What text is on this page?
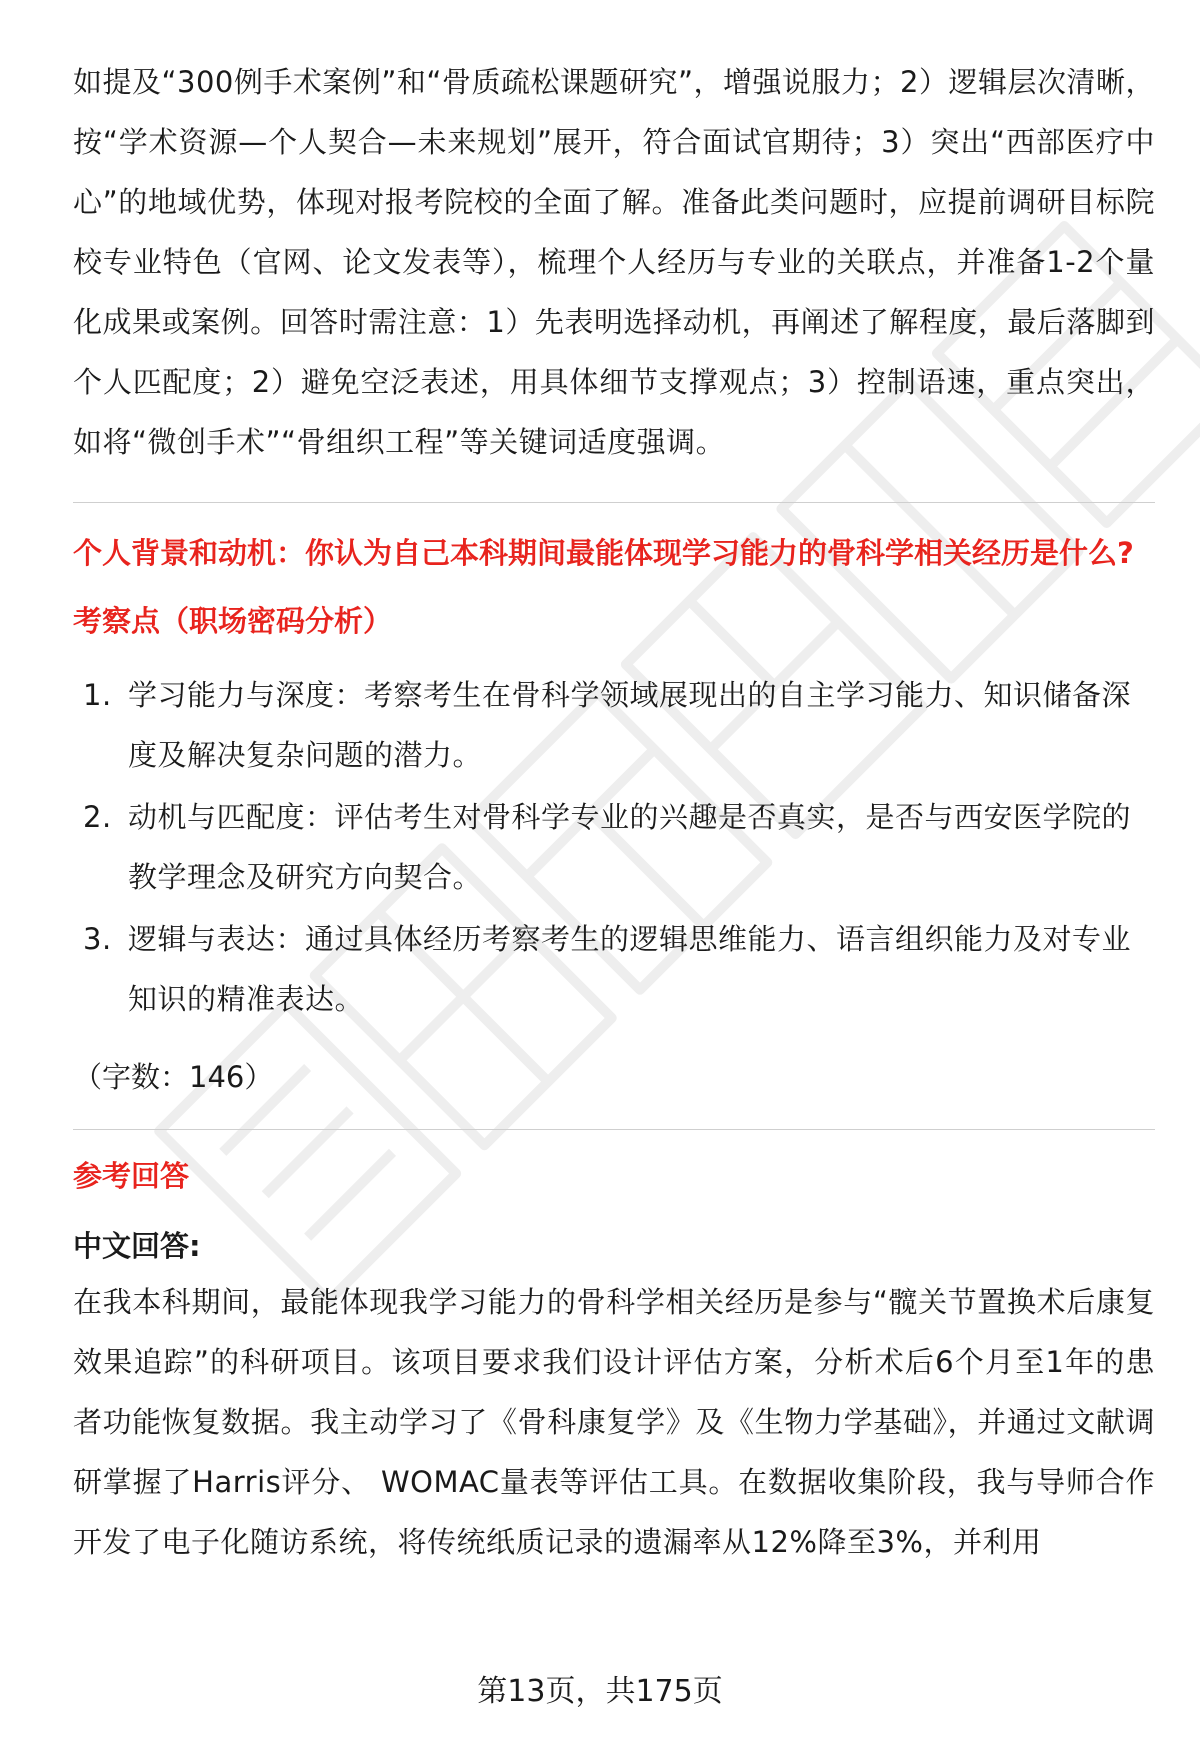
如提及“300例手术案例”和“骨质疏松课题研究”，增强说服力；2）逻辑层次清晰，按“学术资源—个人契合—未来规划”展开，符合面试官期待；3）突出“西部医疗中心”的地域优势，体现对报考院校的全面了解。准备此类问题时，应提前调研目标院校专业特色（官网、论文发表等），梳理个人经历与专业的关联点，并准备1-2个量化成果或案例。回答时需注意：1）先表明选择动机，再阐述了解程度，最后落脚到个人匹配度；2）避免空泛表述，用具体细节支撑观点；3）控制语速，重点突出，如将“微创手术”“骨组织工程”等关键词适度强调。

个人背景和动机：你认为自己本科期间最能体现学习能力的骨科学相关经历是什么?
考察点（职场密码分析）
1. 学习能力与深度：考察考生在骨科学领域展现出的自主学习能力、知识储备深度及解决复杂问题的潜力。
2. 动机与匹配度：评估考生对骨科学专业的兴趣是否真实，是否与西安医学院的教学理念及研究方向契合。
3. 逻辑与表达：通过具体经历考察考生的逻辑思维能力、语言组织能力及对专业知识的精准表达。

（字数：146）

参考回答
中文回答:

在我本科期间，最能体现我学习能力的骨科学相关经历是参与“髋关节置换术后康复效果追踪”的科研项目。该项目要求我们设计评估方案，分析术后6个月至1年的患者功能恢复数据。我主动学习了《骨科康复学》及《生物力学基础》，并通过文献调研掌握了Harris评分、 WOMAC量表等评估工具。在数据收集阶段，我与导师合作开发了电子化随访系统，将传统纸质记录的遗漏率从12%降至3%，并利用

第13页，共175页
